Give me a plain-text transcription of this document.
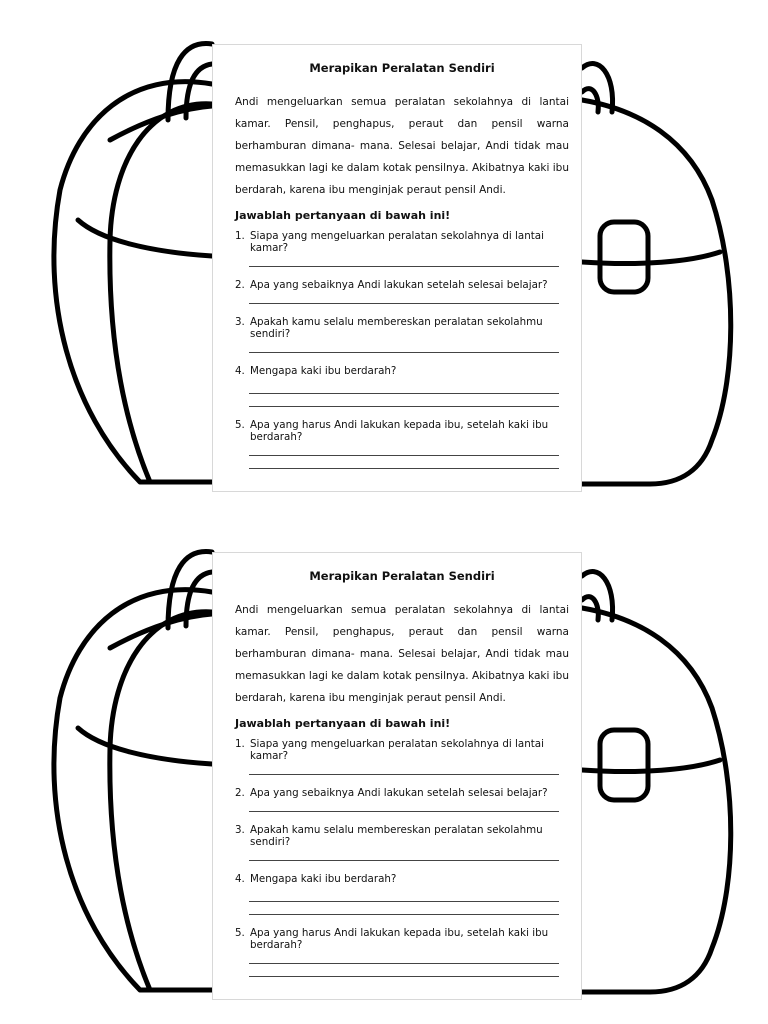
Merapikan Peralatan Sendiri

Andi mengeluarkan semua peralatan sekolahnya di lantai kamar. Pensil, penghapus, peraut dan pensil warna berhamburan dimana- mana. Selesai belajar, Andi tidak mau memasukkan lagi ke dalam kotak pensilnya. Akibatnya kaki ibu berdarah, karena ibu menginjak peraut pensil Andi.

Jawablah pertanyaan di bawah ini!
1. Siapa yang mengeluarkan peralatan sekolahnya di lantai kamar?
2. Apa yang sebaiknya Andi lakukan setelah selesai belajar?
3. Apakah kamu selalu membereskan peralatan sekolahmu sendiri?
4. Mengapa kaki ibu berdarah?
5. Apa yang harus Andi lakukan kepada ibu, setelah kaki ibu berdarah?
Merapikan Peralatan Sendiri

Andi mengeluarkan semua peralatan sekolahnya di lantai kamar. Pensil, penghapus, peraut dan pensil warna berhamburan dimana- mana. Selesai belajar, Andi tidak mau memasukkan lagi ke dalam kotak pensilnya. Akibatnya kaki ibu berdarah, karena ibu menginjak peraut pensil Andi.

Jawablah pertanyaan di bawah ini!
1. Siapa yang mengeluarkan peralatan sekolahnya di lantai kamar?
2. Apa yang sebaiknya Andi lakukan setelah selesai belajar?
3. Apakah kamu selalu membereskan peralatan sekolahmu sendiri?
4. Mengapa kaki ibu berdarah?
5. Apa yang harus Andi lakukan kepada ibu, setelah kaki ibu berdarah?
